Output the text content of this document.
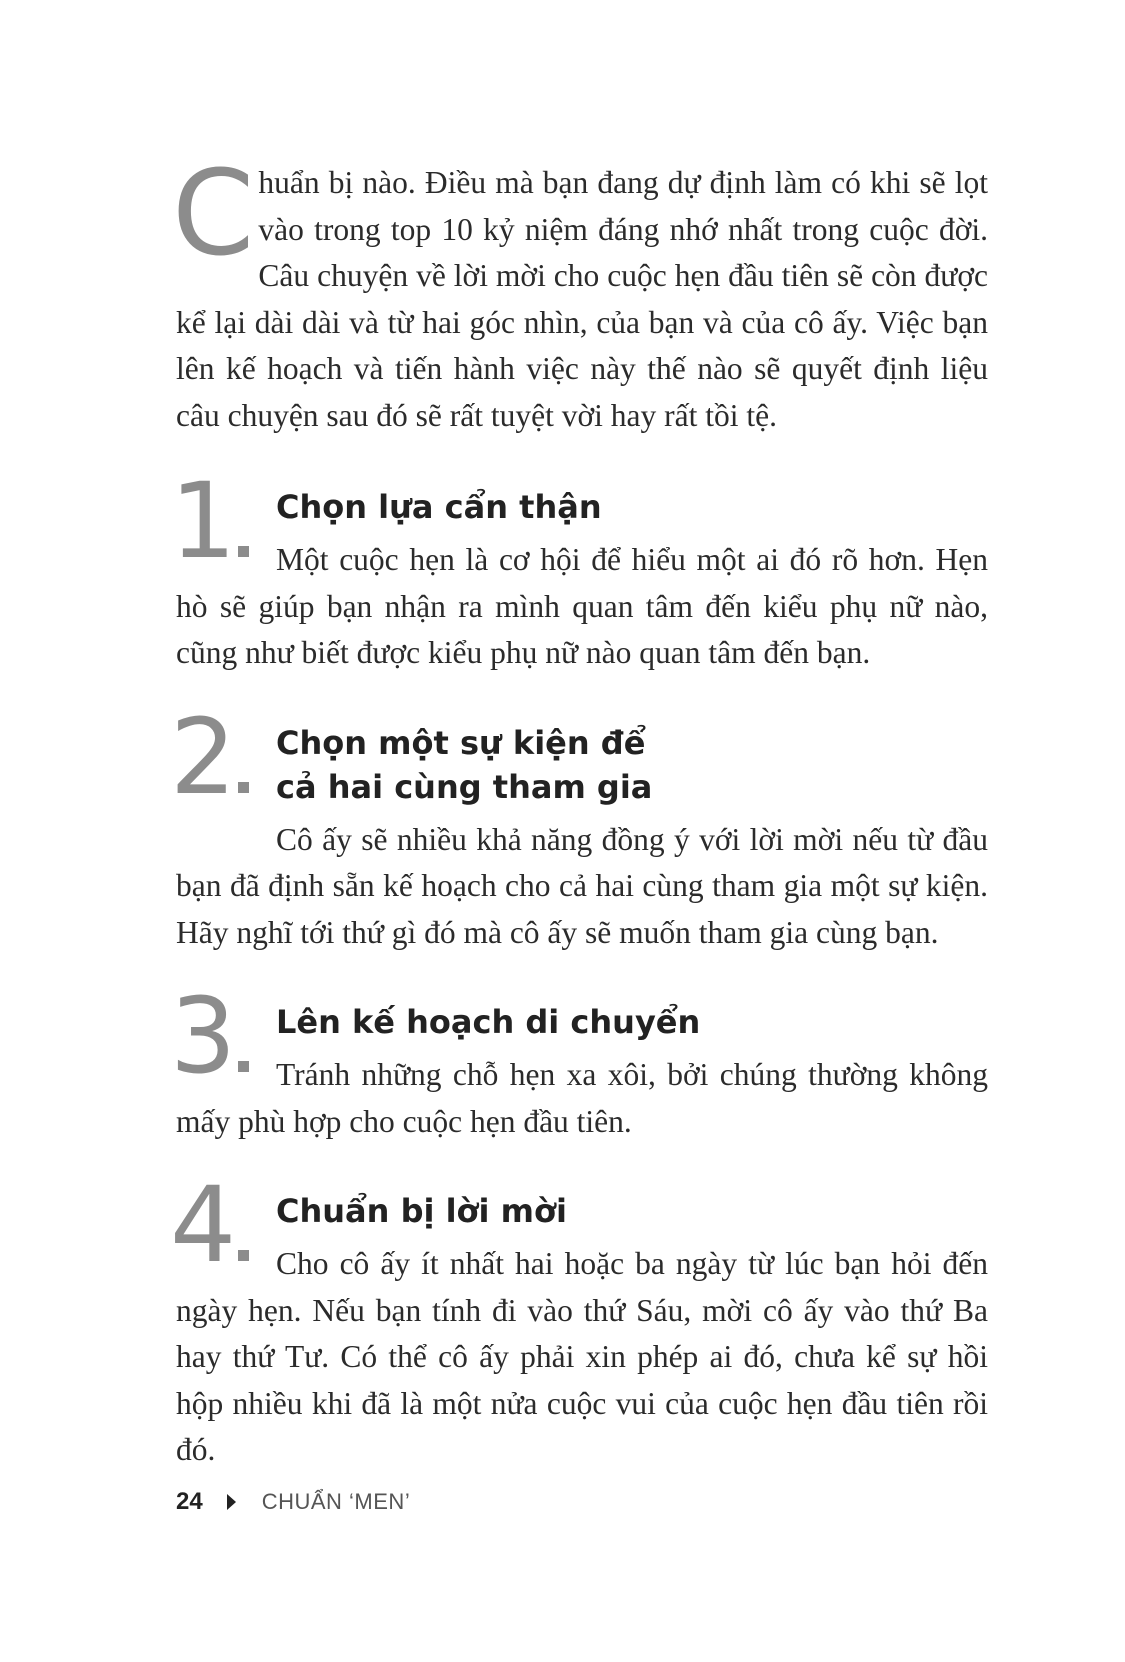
Chuẩn bị nào. Điều mà bạn đang dự định làm có khi sẽ lọt vào trong top 10 kỷ niệm đáng nhớ nhất trong cuộc đời. Câu chuyện về lời mời cho cuộc hẹn đầu tiên sẽ còn được kể lại dài dài và từ hai góc nhìn, của bạn và của cô ấy. Việc bạn lên kế hoạch và tiến hành việc này thế nào sẽ quyết định liệu câu chuyện sau đó sẽ rất tuyệt vời hay rất tồi tệ.

1	Chọn lựa cẩn thận

Một cuộc hẹn là cơ hội để hiểu một ai đó rõ hơn. Hẹn hò sẽ giúp bạn nhận ra mình quan tâm đến kiểu phụ nữ nào, cũng như biết được kiểu phụ nữ nào quan tâm đến bạn.

2	Chọn một sự kiện để
cả hai cùng tham gia

Cô ấy sẽ nhiều khả năng đồng ý với lời mời nếu từ đầu bạn đã định sẵn kế hoạch cho cả hai cùng tham gia một sự kiện. Hãy nghĩ tới thứ gì đó mà cô ấy sẽ muốn tham gia cùng bạn.

3	Lên kế hoạch di chuyển

Tránh những chỗ hẹn xa xôi, bởi chúng thường không mấy phù hợp cho cuộc hẹn đầu tiên.

4	Chuẩn bị lời mời

Cho cô ấy ít nhất hai hoặc ba ngày từ lúc bạn hỏi đến ngày hẹn. Nếu bạn tính đi vào thứ Sáu, mời cô ấy vào thứ Ba hay thứ Tư. Có thể cô ấy phải xin phép ai đó, chưa kể sự hồi hộp nhiều khi đã là một nửa cuộc vui của cuộc hẹn đầu tiên rồi đó.

24	CHUẨN ‘MEN’
